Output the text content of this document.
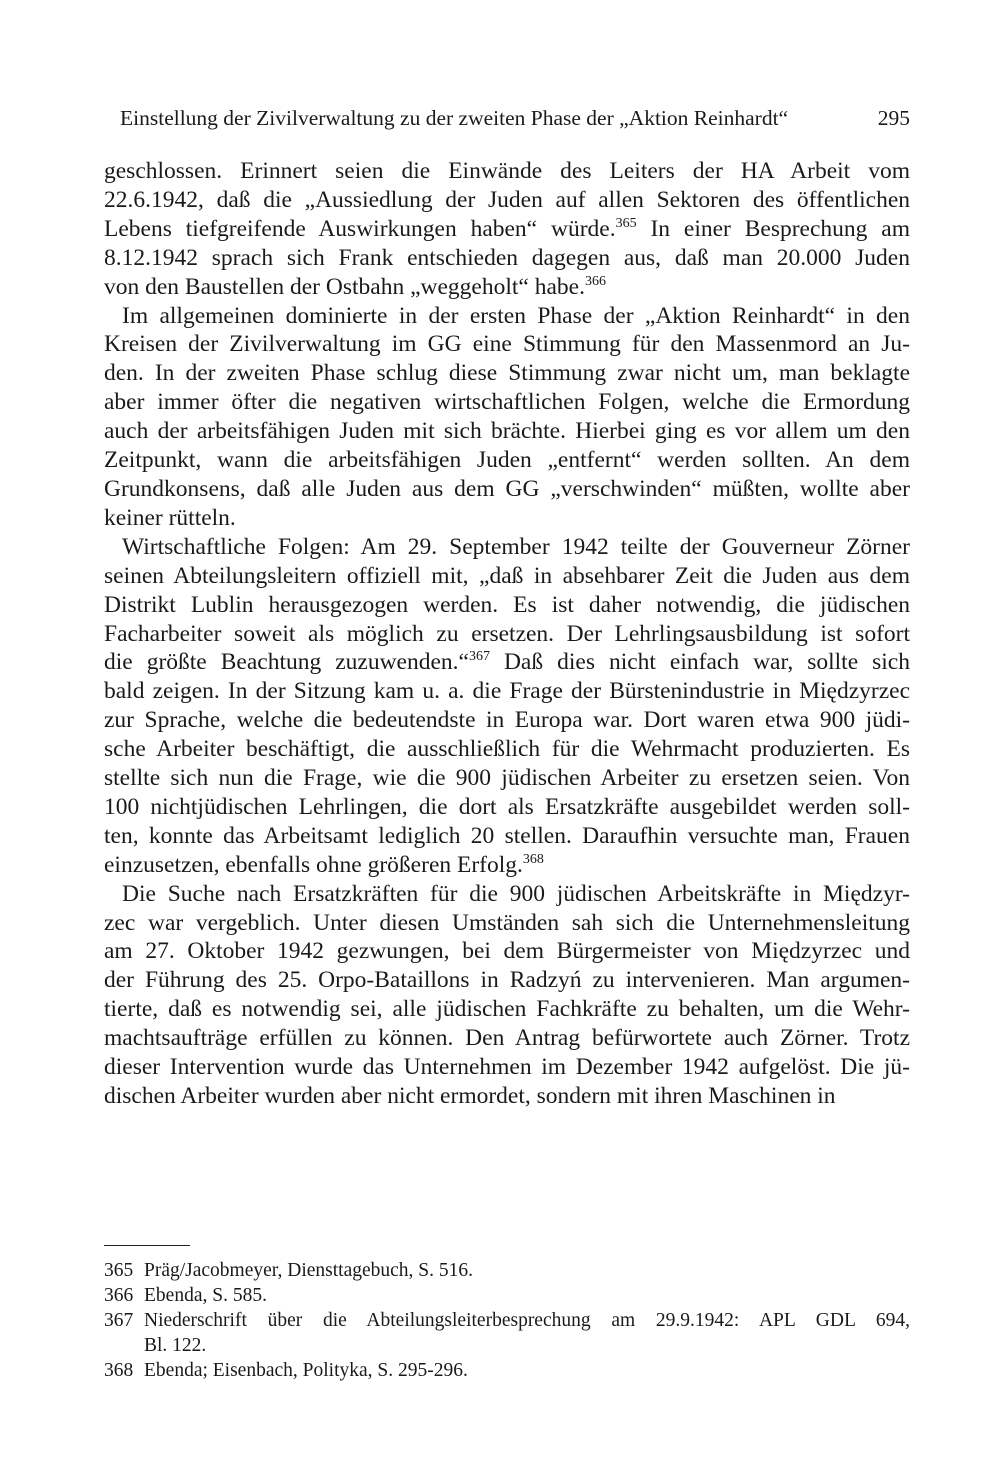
Einstellung der Zivilverwaltung zu der zweiten Phase der „Aktion Reinhardt“	295
geschlossen. Erinnert seien die Einwände des Leiters der HA Arbeit vom
22.6.1942, daß die „Aussiedlung der Juden auf allen Sektoren des öffentlichen
Lebens tiefgreifende Auswirkungen haben“ würde.$^{365}$ In einer Besprechung am
8.12.1942 sprach sich Frank entschieden dagegen aus, daß man 20.000 Juden
von den Baustellen der Ostbahn „weggeholt“ habe.$^{366}$
Im allgemeinen dominierte in der ersten Phase der „Aktion Reinhardt“ in den
Kreisen der Zivilverwaltung im GG eine Stimmung für den Massenmord an Ju-
den. In der zweiten Phase schlug diese Stimmung zwar nicht um, man beklagte
aber immer öfter die negativen wirtschaftlichen Folgen, welche die Ermordung
auch der arbeitsfähigen Juden mit sich brächte. Hierbei ging es vor allem um den
Zeitpunkt, wann die arbeitsfähigen Juden „entfernt“ werden sollten. An dem
Grundkonsens, daß alle Juden aus dem GG „verschwinden“ müßten, wollte aber
keiner rütteln.
Wirtschaftliche Folgen: Am 29. September 1942 teilte der Gouverneur Zörner
seinen Abteilungsleitern offiziell mit, „daß in absehbarer Zeit die Juden aus dem
Distrikt Lublin herausgezogen werden. Es ist daher notwendig, die jüdischen
Facharbeiter soweit als möglich zu ersetzen. Der Lehrlingsausbildung ist sofort
die größte Beachtung zuzuwenden.“$^{367}$ Daß dies nicht einfach war, sollte sich
bald zeigen. In der Sitzung kam u. a. die Frage der Bürstenindustrie in Międzyrzec
zur Sprache, welche die bedeutendste in Europa war. Dort waren etwa 900 jüdi-
sche Arbeiter beschäftigt, die ausschließlich für die Wehrmacht produzierten. Es
stellte sich nun die Frage, wie die 900 jüdischen Arbeiter zu ersetzen seien. Von
100 nichtjüdischen Lehrlingen, die dort als Ersatzkräfte ausgebildet werden soll-
ten, konnte das Arbeitsamt lediglich 20 stellen. Daraufhin versuchte man, Frauen
einzusetzen, ebenfalls ohne größeren Erfolg.$^{368}$
Die Suche nach Ersatzkräften für die 900 jüdischen Arbeitskräfte in Międzyr-
zec war vergeblich. Unter diesen Umständen sah sich die Unternehmensleitung
am 27. Oktober 1942 gezwungen, bei dem Bürgermeister von Międzyrzec und
der Führung des 25. Orpo-Bataillons in Radzyń zu intervenieren. Man argumen-
tierte, daß es notwendig sei, alle jüdischen Fachkräfte zu behalten, um die Wehr-
machtsaufträge erfüllen zu können. Den Antrag befürwortete auch Zörner. Trotz
dieser Intervention wurde das Unternehmen im Dezember 1942 aufgelöst. Die jü-
dischen Arbeiter wurden aber nicht ermordet, sondern mit ihren Maschinen in
365 Präg/Jacobmeyer, Diensttagebuch, S. 516.
366 Ebenda, S. 585.
367 Niederschrift über die Abteilungsleiterbesprechung am 29.9.1942: APL GDL 694,
Bl. 122.
368 Ebenda; Eisenbach, Polityka, S. 295-296.
